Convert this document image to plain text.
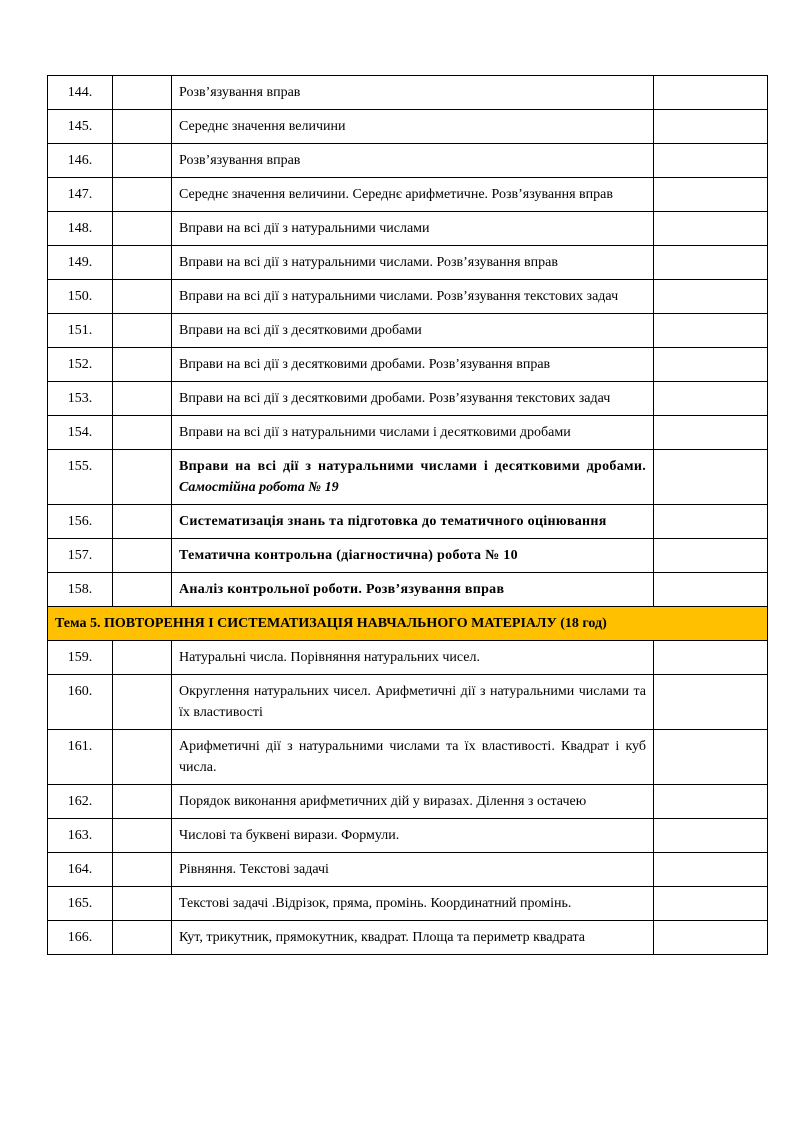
144.		Розв’язування вправ	
145.		Середнє значення величини	
146.		Розв’язування вправ	
147.		Середнє значення величини. Середнє арифметичне. Розв’язування вправ	
148.		Вправи на всі дії з натуральними числами	
149.		Вправи на всі дії з натуральними числами. Розв’язування вправ	
150.		Вправи на всі дії з натуральними числами. Розв’язування текстових задач	
151.		Вправи на всі дії з десятковими дробами	
152.		Вправи на всі дії з десятковими дробами. Розв’язування вправ	
153.		Вправи на всі дії з десятковими дробами. Розв’язування текстових задач	
154.		Вправи на всі дії з натуральними числами і десятковими дробами	
155.		Вправи на всі дії з натуральними числами і десятковими дробами. Самостійна робота № 19	
156.		Систематизація знань та підготовка до тематичного оцінювання	
157.		Тематична контрольна (діагностична) робота № 10	
158.		Аналіз контрольної роботи. Розв’язування вправ	
Тема 5. ПОВТОРЕННЯ І СИСТЕМАТИЗАЦІЯ НАВЧАЛЬНОГО МАТЕРІАЛУ (18 год)			
159.		Натуральні числа. Порівняння натуральних чисел.	
160.		Округлення натуральних чисел. Арифметичні дії з натуральними числами та їх властивості	
161.		Арифметичні дії з натуральними числами та їх властивості. Квадрат і куб числа.	
162.		Порядок виконання арифметичних дій у виразах. Ділення з остачею	
163.		Числові та буквені вирази. Формули.	
164.		Рівняння. Текстові задачі	
165.		Текстові задачі .Відрізок, пряма, промінь. Координатний промінь.	
166.		Кут, трикутник, прямокутник, квадрат. Площа та периметр квадрата	
